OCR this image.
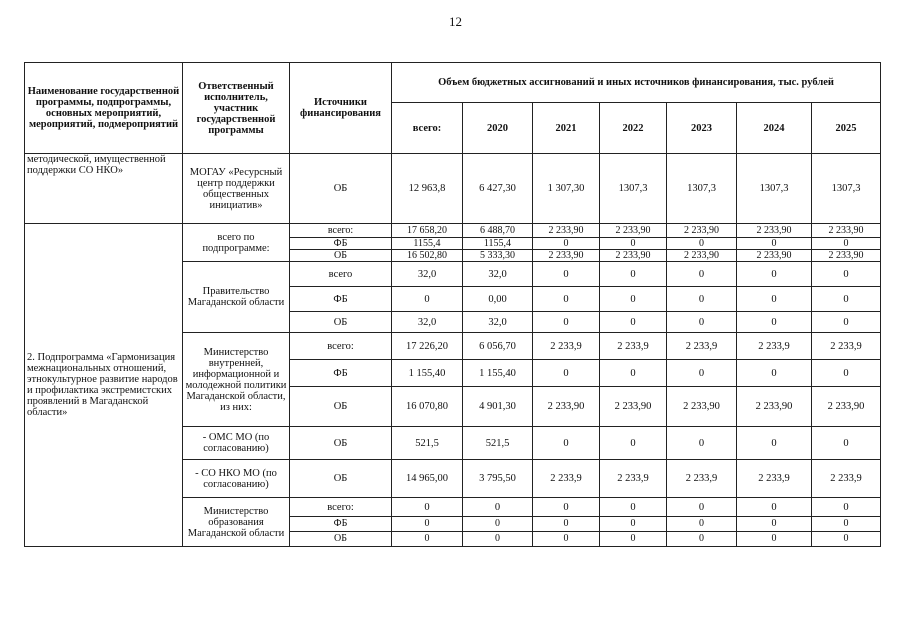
12
Наименование государственной программы, подпрограммы, основных мероприятий, мероприятий, подмероприятий	Ответственный исполнитель, участник государственной программы	Источники финансирования	Объем бюджетных ассигнований и иных источников финансирования, тыс. рублей						
			всего:	2020	2021	2022	2023	2024	2025
методической, имущественной поддержки СО НКО»	МОГАУ «Ресурсный центр поддержки общественных инициатив»	ОБ	12 963,8	6 427,30	1 307,30	1307,3	1307,3	1307,3	1307,3
2. Подпрограмма «Гармонизация межнациональных отношений, этнокультурное развитие народов и профилактика экстремистских проявлений в Магаданской области»	всего по подпрограмме:	всего:	17 658,20	6 488,70	2 233,90	2 233,90	2 233,90	2 233,90	2 233,90
		ФБ	1155,4	1155,4	0	0	0	0	0
		ОБ	16 502,80	5 333,30	2 233,90	2 233,90	2 233,90	2 233,90	2 233,90
	Правительство Магаданской области	всего	32,0	32,0	0	0	0	0	0
		ФБ	0	0,00	0	0	0	0	0
		ОБ	32,0	32,0	0	0	0	0	0
	Министерство внутренней, информационной и молодежной политики Магаданской области, из них:	всего:	17 226,20	6 056,70	2 233,9	2 233,9	2 233,9	2 233,9	2 233,9
		ФБ	1 155,40	1 155,40	0	0	0	0	0
		ОБ	16 070,80	4 901,30	2 233,90	2 233,90	2 233,90	2 233,90	2 233,90
	- ОМС МО (по согласованию)	ОБ	521,5	521,5	0	0	0	0	0
	- СО НКО МО (по согласованию)	ОБ	14 965,00	3 795,50	2 233,9	2 233,9	2 233,9	2 233,9	2 233,9
	Министерство образования Магаданской области	всего:	0	0	0	0	0	0	0
		ФБ	0	0	0	0	0	0	0
		ОБ	0	0	0	0	0	0	0
